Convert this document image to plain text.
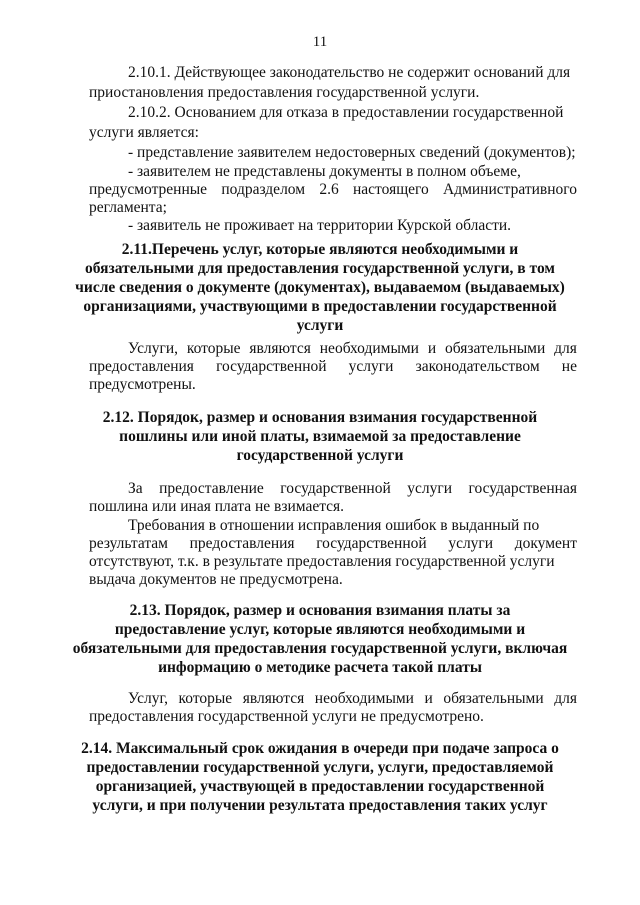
11
2.10.1. Действующее законодательство не содержит оснований для
приостановления предоставления государственной услуги.
2.10.2. Основанием для отказа в предоставлении государственной
услуги является:
- представление заявителем недостоверных сведений (документов);
- заявителем не представлены документы в полном объеме,
предусмотренные подразделом 2.6 настоящего Административного
регламента;
- заявитель не проживает на территории Курской области.
2.11.Перечень услуг, которые являются необходимыми и
обязательными для предоставления государственной услуги, в том
числе сведения о документе (документах), выдаваемом (выдаваемых)
организациями, участвующими в предоставлении государственной
услуги
Услуги, которые являются необходимыми и обязательными для
предоставления государственной услуги законодательством не
предусмотрены.
2.12. Порядок, размер и основания взимания государственной
пошлины или иной платы, взимаемой за предоставление
государственной услуги
За предоставление государственной услуги государственная
пошлина или иная плата не взимается.
Требования в отношении исправления ошибок в выданный по
результатам предоставления государственной услуги документ
отсутствуют, т.к. в результате предоставления государственной услуги
выдача документов не предусмотрена.
2.13. Порядок, размер и основания взимания платы за
предоставление услуг, которые являются необходимыми и
обязательными для предоставления государственной услуги, включая
информацию о методике расчета такой платы
Услуг, которые являются необходимыми и обязательными для
предоставления государственной услуги не предусмотрено.
2.14. Максимальный срок ожидания в очереди при подаче запроса о
предоставлении государственной услуги, услуги, предоставляемой
организацией, участвующей в предоставлении государственной
услуги, и при получении результата предоставления таких услуг
